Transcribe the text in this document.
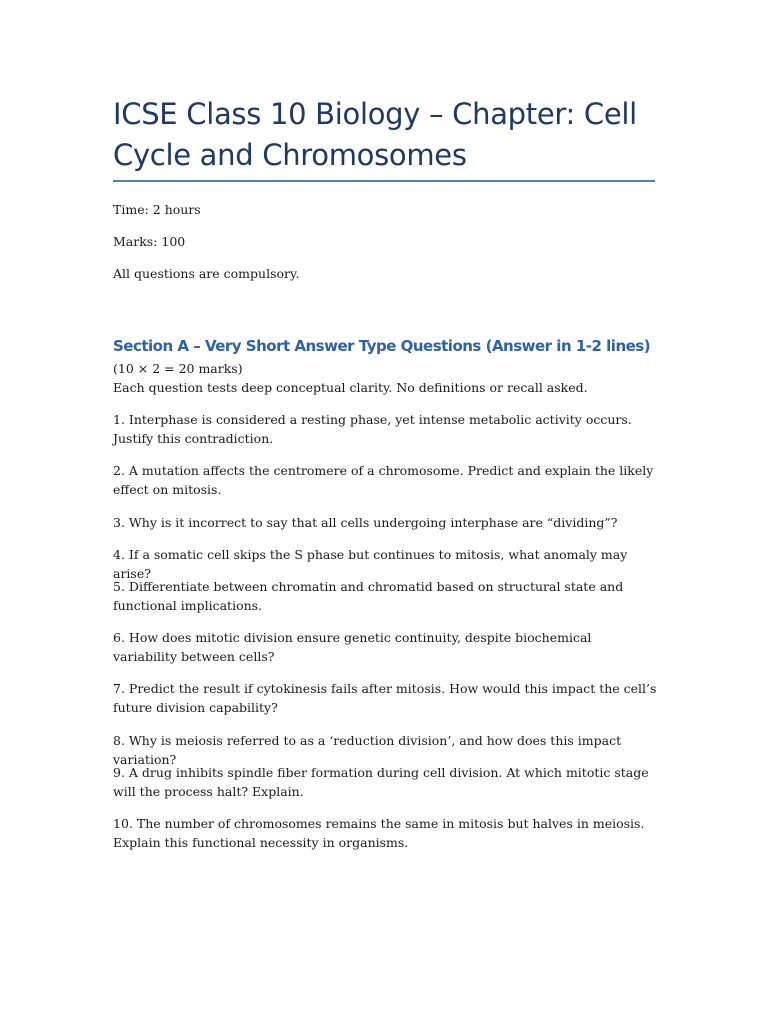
ICSE Class 10 Biology – Chapter: Cell Cycle and Chromosomes

Time: 2 hours

Marks: 100

All questions are compulsory.

Section A – Very Short Answer Type Questions (Answer in 1-2 lines)

(10 × 2 = 20 marks)

Each question tests deep conceptual clarity. No definitions or recall asked.

1. Interphase is considered a resting phase, yet intense metabolic activity occurs. Justify this contradiction.

2. A mutation affects the centromere of a chromosome. Predict and explain the likely effect on mitosis.

3. Why is it incorrect to say that all cells undergoing interphase are “dividing”?

4. If a somatic cell skips the S phase but continues to mitosis, what anomaly may arise?

5. Differentiate between chromatin and chromatid based on structural state and functional implications.

6. How does mitotic division ensure genetic continuity, despite biochemical variability between cells?

7. Predict the result if cytokinesis fails after mitosis. How would this impact the cell’s future division capability?

8. Why is meiosis referred to as a ‘reduction division’, and how does this impact variation?

9. A drug inhibits spindle fiber formation during cell division. At which mitotic stage will the process halt? Explain.

10. The number of chromosomes remains the same in mitosis but halves in meiosis. Explain this functional necessity in organisms.
